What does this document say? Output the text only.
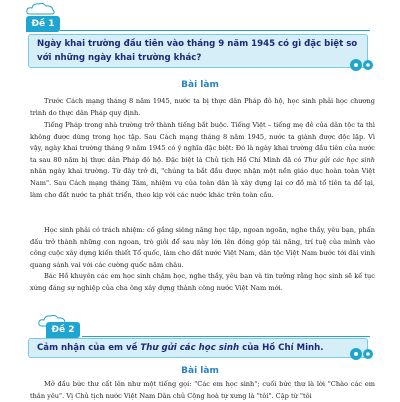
Đề 1
Ngày khai trường đầu tiên vào tháng 9 năm 1945 có gì đặc biệt so
với những ngày khai trường khác?
Bài làm

Trước Cách mạng tháng 8 năm 1945, nước ta bị thực dân Pháp đô hộ, học sinh phải học chương trình do thực dân Pháp quy định.

Tiếng Pháp trong nhà trường trở thành tiếng bắt buộc. Tiếng Việt – tiếng mẹ đẻ của dân tộc ta thì không được dùng trong học tập. Sau Cách mạng tháng 8 năm 1945, nước ta giành được độc lập. Vì vậy, ngày khai trường tháng 9 năm 1945 có ý nghĩa đặc biệt: Đó là ngày khai trường đầu tiên của nước ta sau 80 năm bị thực dân Pháp đô hộ. Đặc biệt là Chủ tịch Hồ Chí Minh đã có Thư gửi các học sinh nhân ngày khai trường. Từ đây trở đi, "chúng ta bắt đầu được nhận một nền giáo dục hoàn toàn Việt Nam". Sau Cách mạng tháng Tám, nhiệm vụ của toàn dân là xây dựng lại cơ đồ mà tổ tiên ta để lại, làm cho đất nước ta phát triển, theo kịp với các nước khác trên toàn cầu.

Học sinh phải có trách nhiệm: cố gắng siêng năng học tập, ngoan ngoãn, nghe thầy, yêu bạn, phấn đấu trở thành những con ngoan, trò giỏi để sau này lớn lên đóng góp tài năng, trí tuệ của mình vào công cuộc xây dựng kiến thiết Tổ quốc, làm cho đất nước Việt Nam, dân tộc Việt Nam bước tới đài vinh quang sánh vai với các cường quốc năm châu.

Bác Hồ khuyên các em học sinh chăm học, nghe thầy, yêu bạn và tin tưởng rằng học sinh sẽ kế tục xứng đáng sự nghiệp của cha ông xây dựng thành công nước Việt Nam mới.

Đề 2
Cảm nhận của em về Thư gửi các học sinh của Hồ Chí Minh.
Bài làm

Mở đầu bức thư cất lên như một tiếng gọi: "Các em học sinh"; cuối bức thư là lời "Chào các em thân yêu". Vị Chủ tịch nước Việt Nam Dân chủ Cộng hoà tự xưng là "tôi". Cặp từ "tôi
